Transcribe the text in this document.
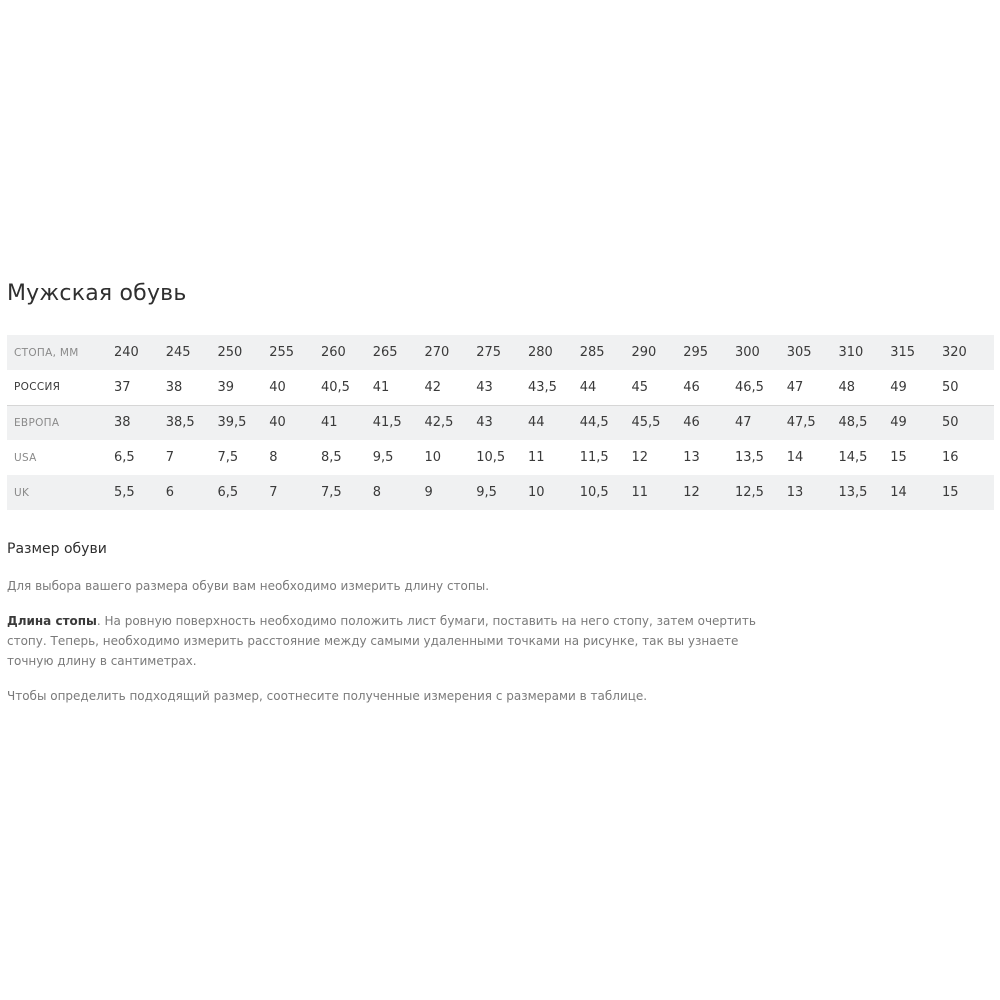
Мужская обувь
СТОПА, ММ	240	245	250	255	260	265	270	275	280	285	290	295	300	305	310	315	320
РОССИЯ	37	38	39	40	40,5	41	42	43	43,5	44	45	46	46,5	47	48	49	50
ЕВРОПА	38	38,5	39,5	40	41	41,5	42,5	43	44	44,5	45,5	46	47	47,5	48,5	49	50
USA	6,5	7	7,5	8	8,5	9,5	10	10,5	11	11,5	12	13	13,5	14	14,5	15	16
UK	5,5	6	6,5	7	7,5	8	9	9,5	10	10,5	11	12	12,5	13	13,5	14	15
Размер обуви

Для выбора вашего размера обуви вам необходимо измерить длину стопы.

Длина стопы. На ровную поверхность необходимо положить лист бумаги, поставить на него стопу, затем очертить стопу. Теперь, необходимо измерить расстояние между самыми удаленными точками на рисунке, так вы узнаете точную длину в сантиметрах.

Чтобы определить подходящий размер, соотнесите полученные измерения с размерами в таблице.
